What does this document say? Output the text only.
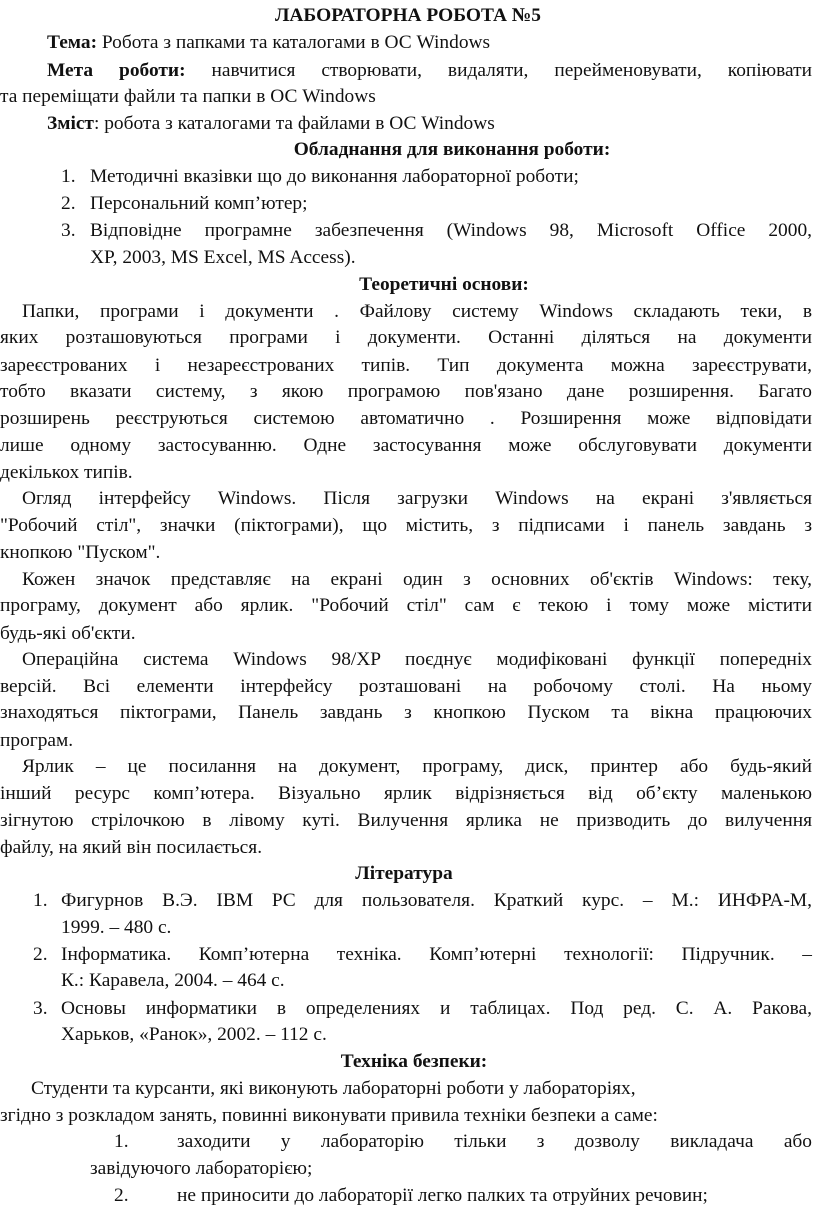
ЛАБОРАТОРНА РОБОТА №5
Тема: Робота з папками та каталогами в ОС Windows
Мета роботи: навчитися створювати, видаляти, перейменовувати, копіювати
та переміщати файли та папки в ОС Windows
Зміст: робота з каталогами та файлами в ОС Windows
Обладнання для виконання роботи:
1. Методичні вказівки що до виконання лабораторної роботи;
2. Персональний комп’ютер;
3. Відповідне програмне забезпечення (Windows 98, Microsoft Office 2000,
XP, 2003, MS Excel, MS Access).
Теоретичні основи:
Папки, програми і документи . Файлову систему Windows складають теки, в
яких розташовуються програми і документи. Останні діляться на документи
зареєстрованих і незареєстрованих типів. Тип документа можна зареєструвати,
тобто вказати систему, з якою програмою пов'язано дане розширення. Багато
розширень реєструються системою автоматично . Розширення може відповідати
лише одному застосуванню. Одне застосування може обслуговувати документи
декількох типів.
Огляд інтерфейсу Windows. Після загрузки Windows на екрані з'являється
"Робочий стіл", значки (піктограми), що містить, з підписами і панель завдань з
кнопкою "Пуском".
Кожен значок представляє на екрані один з основних об'єктів Windows: теку,
програму, документ або ярлик. "Робочий стіл" сам є текою і тому може містити
будь-які об'єкти.
Операційна система Windows 98/XP поєднує модифіковані функції попередніх
версій. Всі елементи інтерфейсу розташовані на робочому столі. На ньому
знаходяться піктограми, Панель завдань з кнопкою Пуском та вікна працюючих
програм.
Ярлик – це посилання на документ, програму, диск, принтер або будь-який
інший ресурс комп’ютера. Візуально ярлик відрізняється від об’єкту маленькою
зігнутою стрілочкою в лівому куті. Вилучення ярлика не призводить до вилучення
файлу, на який він посилається.
Література
1. Фигурнов В.Э. IBM PC для пользователя. Краткий курс. – М.: ИНФРА-М,
1999. – 480 с.
2. Інформатика. Комп’ютерна техніка. Комп’ютерні технології: Підручник. –
К.: Каравела, 2004. – 464 с.
3. Основы информатики в определениях и таблицах. Под ред. С. А. Ракова,
Харьков, «Ранок», 2002. – 112 с.
Техніка безпеки:
Студенти та курсанти, які виконують лабораторні роботи у лабораторіях,
згідно з розкладом занять, повинні виконувати привила техніки безпеки а саме:
1. заходити у лабораторію тільки з дозволу викладача або
завідуючого лабораторією;
2. не приносити до лабораторії легко палких та отруйних речовин;
